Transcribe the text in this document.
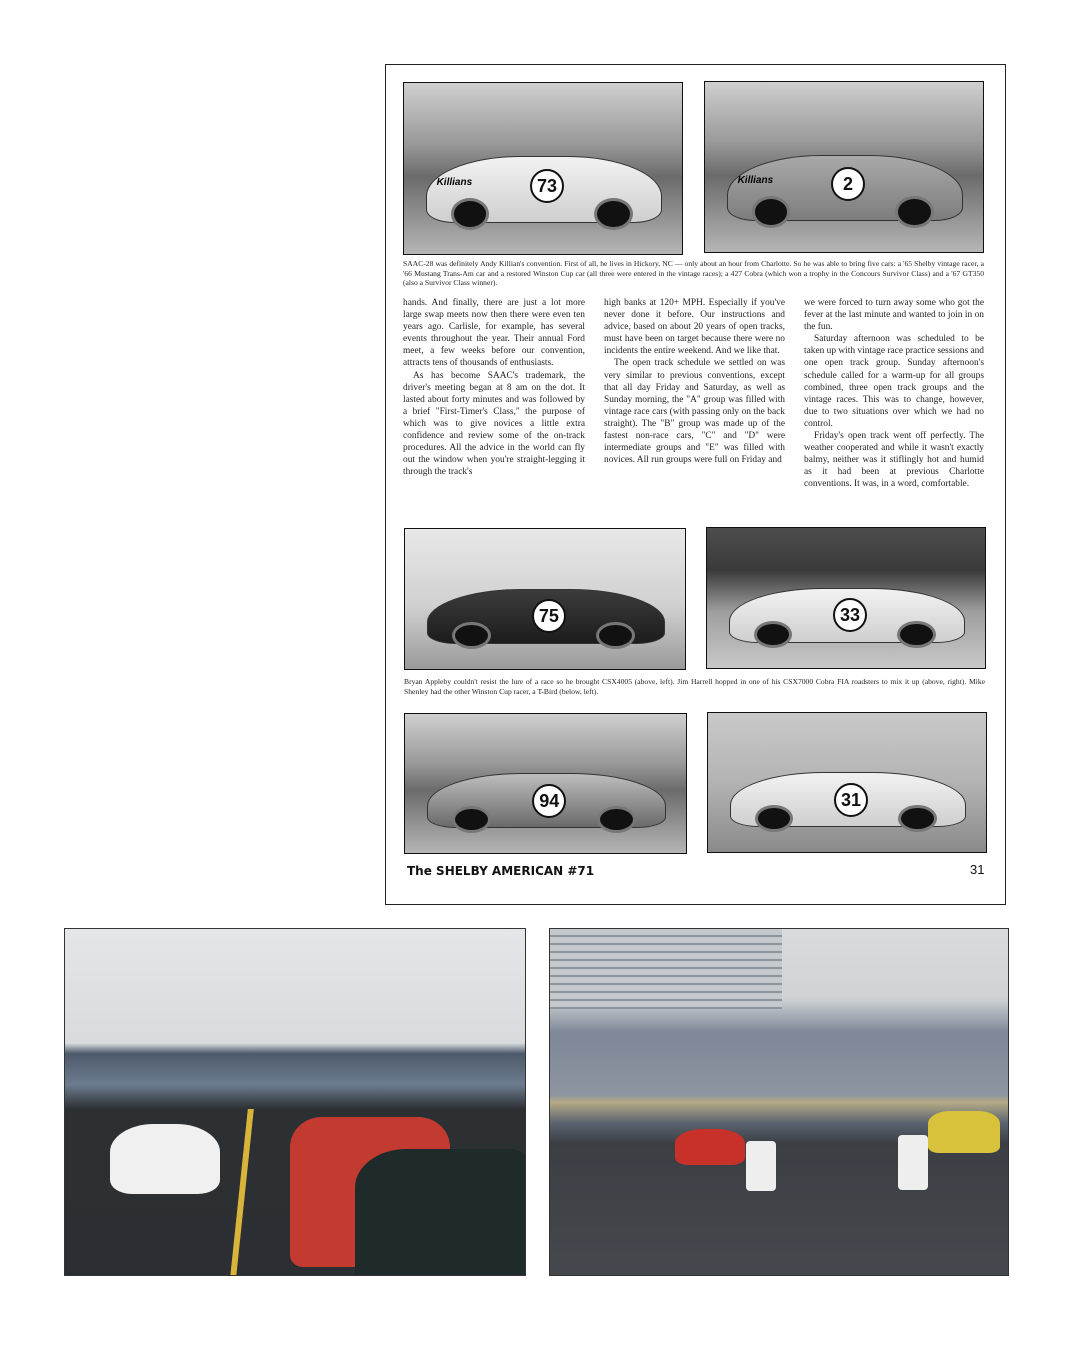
Killians	73	Killians	2
SAAC-28 was definitely Andy Killian's convention. First of all, he lives in Hickory, NC — only about an hour from Charlotte. So he was able to bring five cars: a '65 Shelby vintage racer, a '66 Mustang Trans-Am car and a restored Winston Cup car (all three were entered in the vintage races); a 427 Cobra (which won a trophy in the Concours Survivor Class) and a '67 GT350 (also a Survivor Class winner).

hands. And finally, there are just a lot more large swap meets now then there were even ten years ago. Carlisle, for example, has several events throughout the year. Their annual Ford meet, a few weeks before our convention, attracts tens of thousands of enthusiasts.

As has become SAAC's trademark, the driver's meeting began at 8 am on the dot. It lasted about forty minutes and was followed by a brief "First-Timer's Class," the purpose of which was to give novices a little extra confidence and review some of the on-track procedures. All the advice in the world can fly out the window when you're straight-legging it through the track's

high banks at 120+ MPH. Especially if you've never done it before. Our instructions and advice, based on about 20 years of open tracks, must have been on target because there were no incidents the entire weekend. And we like that.

The open track schedule we settled on was very similar to previous conventions, except that all day Friday and Saturday, as well as Sunday morning, the "A" group was filled with vintage race cars (with passing only on the back straight). The "B" group was made up of the fastest non-race cars, "C" and "D" were intermediate groups and "E" was filled with novices. All run groups were full on Friday and

we were forced to turn away some who got the fever at the last minute and wanted to join in on the fun.

Saturday afternoon was scheduled to be taken up with vintage race practice sessions and one open track group. Sunday afternoon's schedule called for a warm-up for all groups combined, three open track groups and the vintage races. This was to change, however, due to two situations over which we had no control.

Friday's open track went off perfectly. The weather cooperated and while it wasn't exactly balmy, neither was it stiflingly hot and humid as it had been at previous Charlotte conventions. It was, in a word, comfortable.

75	33
Bryan Appleby couldn't resist the lure of a race so he brought CSX4005 (above, left). Jim Harrell hopped in one of his CSX7000 Cobra FIA roadsters to mix it up (above, right). Mike Shenley had the other Winston Cup racer, a T-Bird (below, left).
94	31
The SHELBY AMERICAN #71	31
